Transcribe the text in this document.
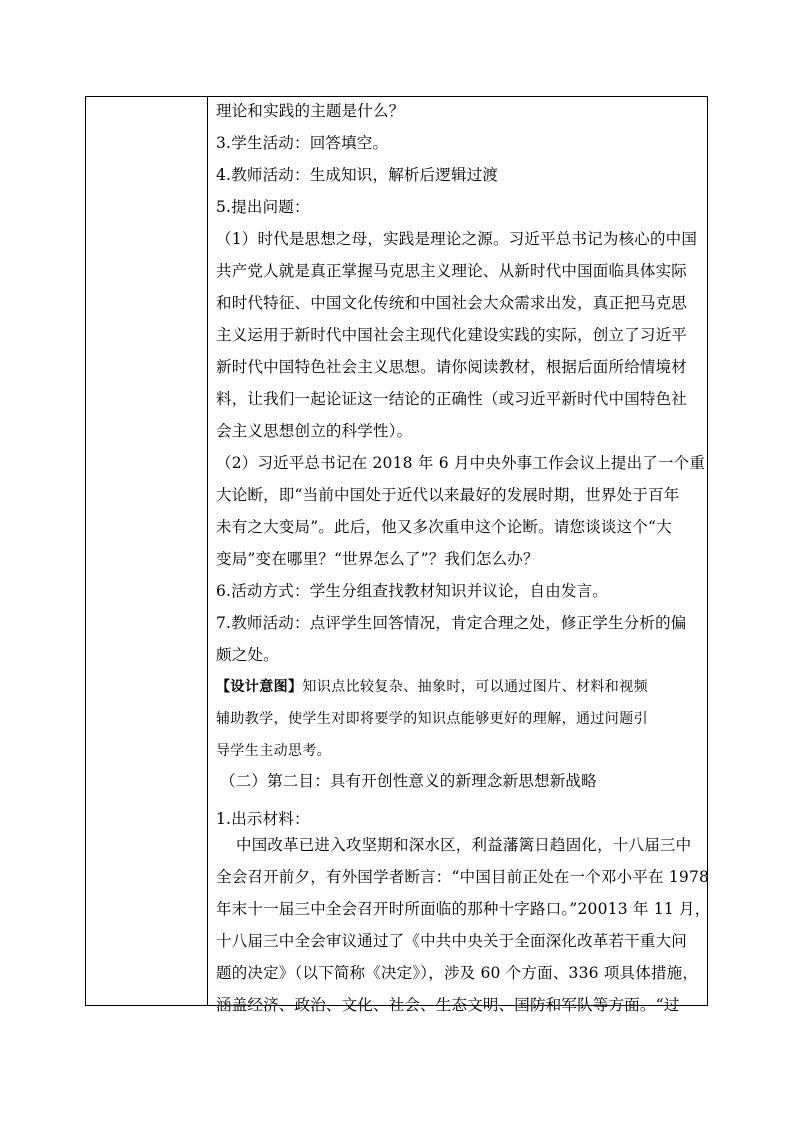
理论和实践的主题是什么？
3.学生活动：回答填空。
4.教师活动：生成知识，解析后逻辑过渡
5.提出问题：
（1）时代是思想之母，实践是理论之源。习近平总书记为核心的中国
共产党人就是真正掌握马克思主义理论、从新时代中国面临具体实际
和时代特征、中国文化传统和中国社会大众需求出发，真正把马克思
主义运用于新时代中国社会主现代化建设实践的实际，创立了习近平
新时代中国特色社会主义思想。请你阅读教材，根据后面所给情境材
料，让我们一起论证这一结论的正确性（或习近平新时代中国特色社
会主义思想创立的科学性）。
（2）习近平总书记在 2018 年 6 月中央外事工作会议上提出了一个重
大论断，即“当前中国处于近代以来最好的发展时期，世界处于百年
未有之大变局”。此后，他又多次重申这个论断。请您谈谈这个“大
变局”变在哪里？“世界怎么了”？我们怎么办？
6.活动方式：学生分组查找教材知识并议论，自由发言。
7.教师活动：点评学生回答情况，肯定合理之处，修正学生分析的偏
颇之处。
【设计意图】知识点比较复杂、抽象时，可以通过图片、材料和视频
辅助教学，使学生对即将要学的知识点能够更好的理解，通过问题引
导学生主动思考。
（二）第二目：具有开创性意义的新理念新思想新战略
1.出示材料：
中国改革已进入攻坚期和深水区，利益藩篱日趋固化，十八届三中
全会召开前夕，有外国学者断言：“中国目前正处在一个邓小平在 1978
年末十一届三中全会召开时所面临的那种十字路口。”20013 年 11 月，
十八届三中全会审议通过了《中共中央关于全面深化改革若干重大问
题的决定》（以下简称《决定》），涉及 60 个方面、336 项具体措施，
涵盖经济、政治、文化、社会、生态文明、国防和军队等方面。“过
